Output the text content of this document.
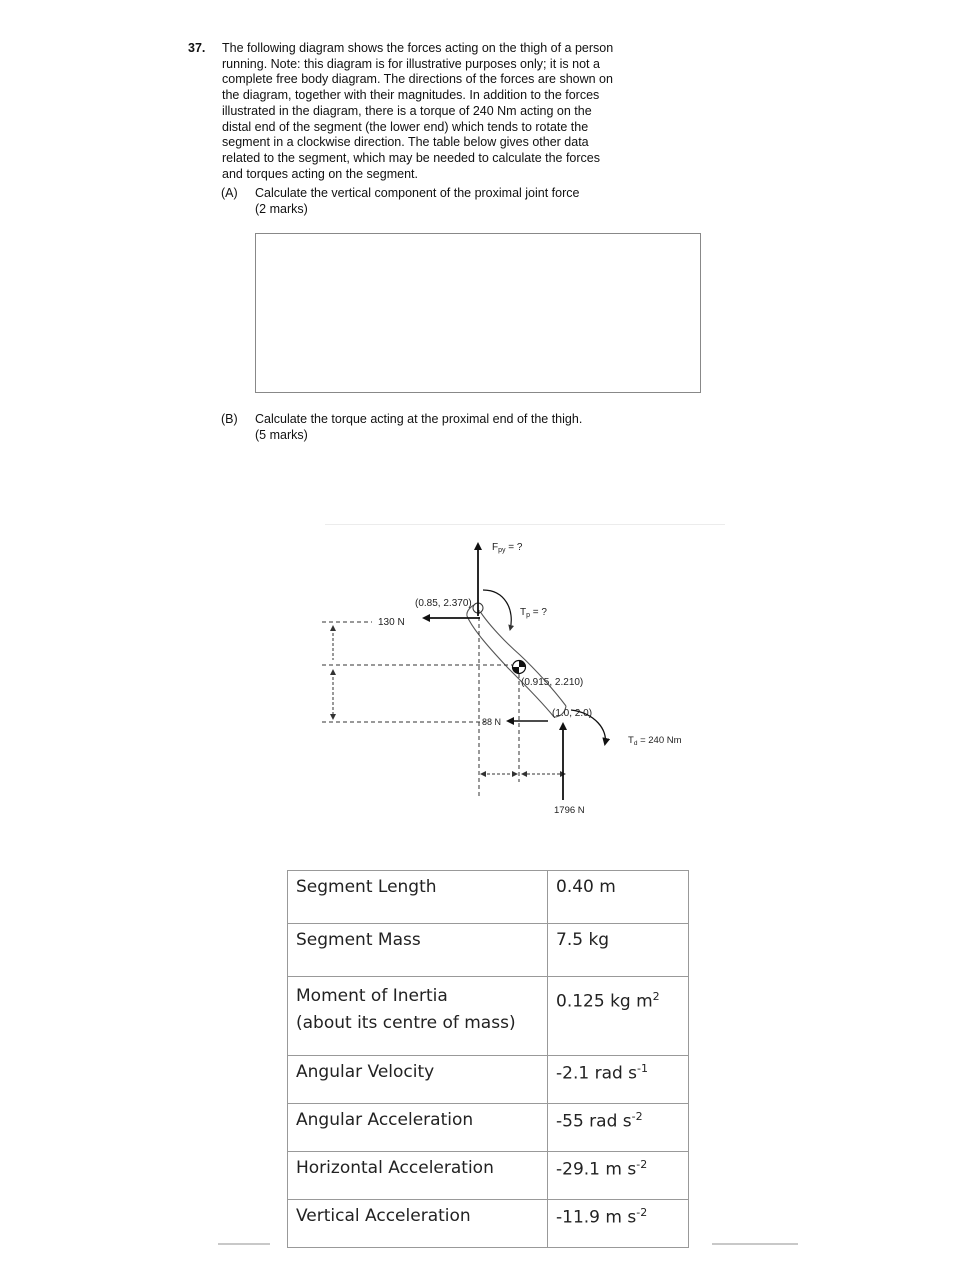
37. The following diagram shows the forces acting on the thigh of a person

running. Note: this diagram is for illustrative purposes only; it is not a

complete free body diagram. The directions of the forces are shown on

the diagram, together with their magnitudes. In addition to the forces

illustrated in the diagram, there is a torque of 240 Nm acting on the

distal end of the segment (the lower end) which tends to rotate the

segment in a clockwise direction. The table below gives other data

related to the segment, which may be needed to calculate the forces

and torques acting on the segment.

(A) Calculate the vertical component of the proximal joint force
(2 marks)
(B) Calculate the torque acting at the proximal end of the thigh.
(5 marks)
$F_{py}$ = ?
130 N
(0.85, 2.370)
$T_p$ = ?
(0.915, 2.210)
(1.0, 2.0)
88 N
1796 N
$T_d = 240$ Nm
Segment Length	0.40 m
Segment Mass	7.5 kg
Moment of Inertia
(about its centre of mass)	0.125 kg $m^2$
Angular Velocity	-2.1 rad $s^{-1}$
Angular Acceleration	-55 rad $s^{-2}$
Horizontal Acceleration	-29.1 m $s^{-2}$
Vertical Acceleration	-11.9 m $s^{-2}$
